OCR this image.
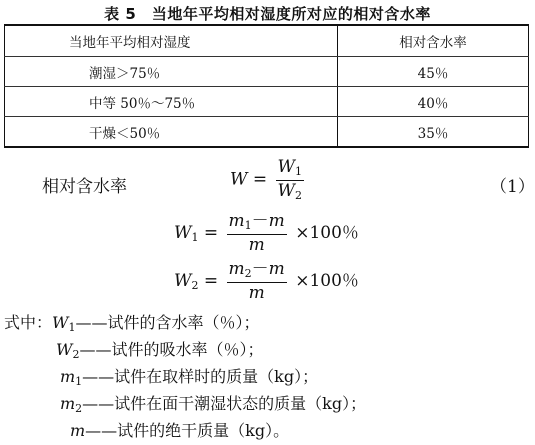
表 5　当地年平均相对湿度所对应的相对含水率
当地年平均相对湿度	相对含水率
潮湿＞75％	45％
中等 50％～75％	40％
干燥＜50％	35％
相对含水率	$W = \frac{W_1}{W_2}$	（1）
$W_1 = \frac{m_1-m}{m} \times 100$％
$W_2 = \frac{m_2-m}{m} \times 100$％
式中：$W_1——$试件的含水率（％）；
$W_2——$试件的吸水率（％）；
$m_1——$试件在取样时的质量（kg）；
$m_2——$试件在面干潮湿状态的质量（kg）；
m——试件的绝干质量（kg）。
